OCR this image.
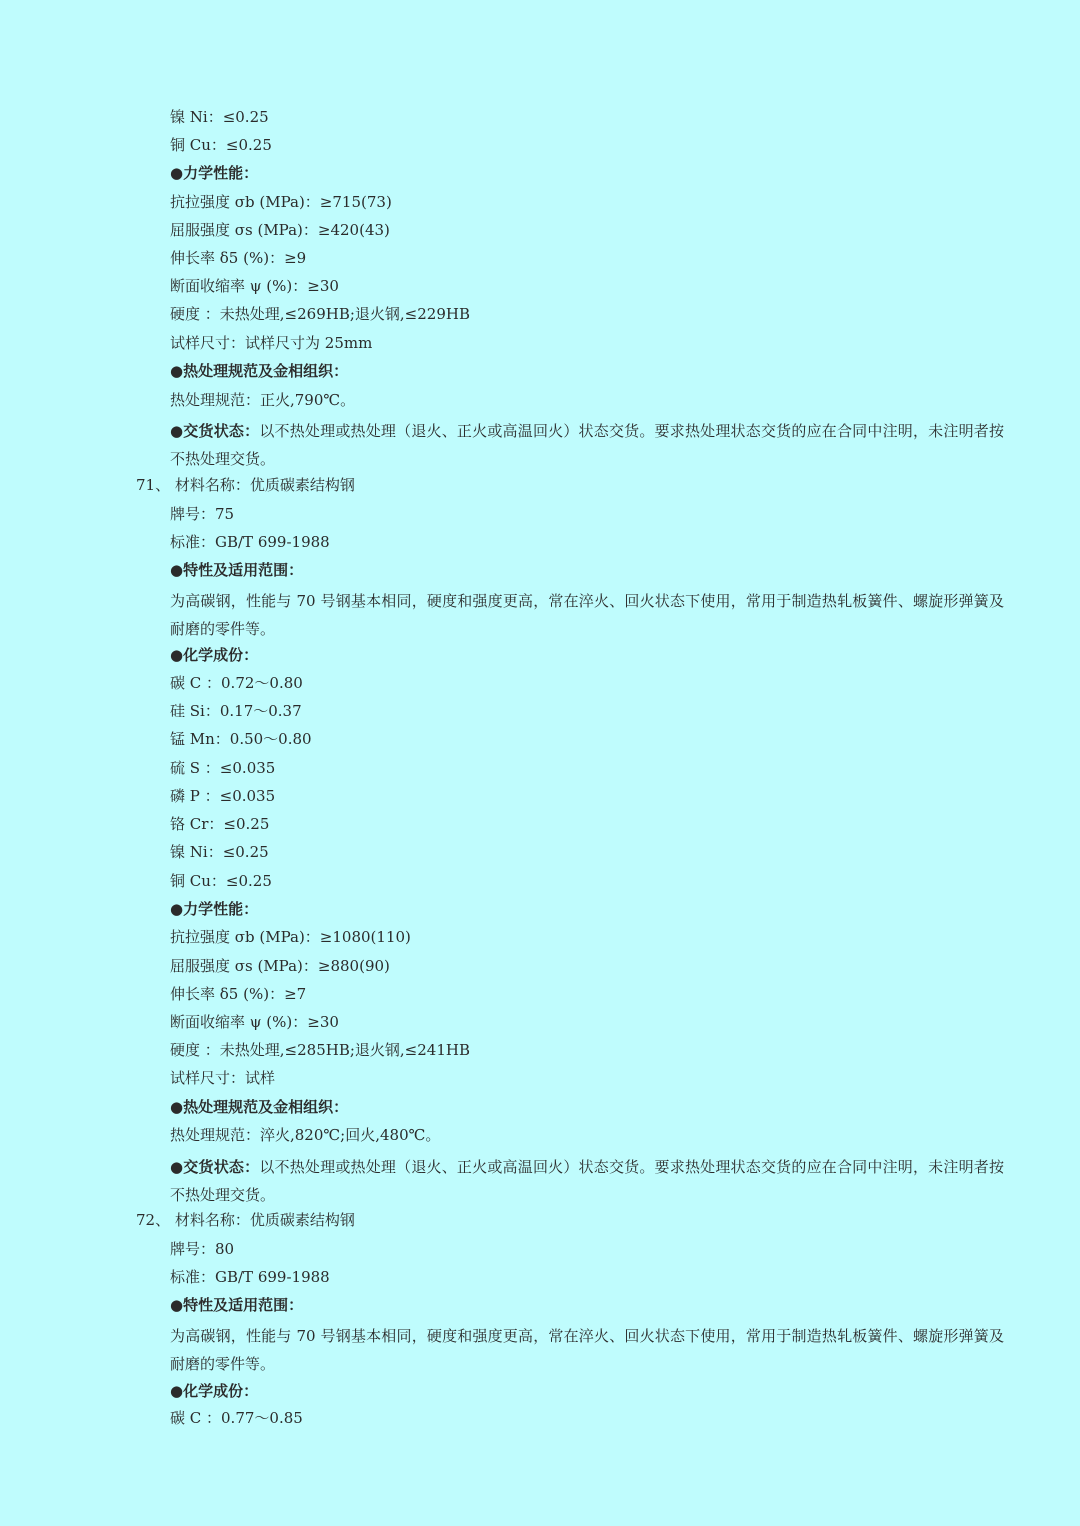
镍 Ni：≤0.25
铜 Cu：≤0.25
●力学性能：
抗拉强度 σb (MPa)：≥715(73)
屈服强度 σs (MPa)：≥420(43)
伸长率 δ5 (%)：≥9
断面收缩率 ψ (%)：≥30
硬度 ：未热处理,≤269HB;退火钢,≤229HB
试样尺寸：试样尺寸为 25mm
●热处理规范及金相组织：
热处理规范：正火,790℃。
●交货状态：以不热处理或热处理（退火、正火或高温回火）状态交货。要求热处理状态交货的应在合同中注明，未注明者按不热处理交货。
71、 材料名称：优质碳素结构钢
牌号：75
标准：GB/T 699-1988
●特性及适用范围：
为高碳钢，性能与 70 号钢基本相同，硬度和强度更高，常在淬火、回火状态下使用，常用于制造热轧板簧件、螺旋形弹簧及耐磨的零件等。
●化学成份：
碳 C ：0.72～0.80
硅 Si：0.17～0.37
锰 Mn：0.50～0.80
硫 S ：≤0.035
磷 P ：≤0.035
铬 Cr：≤0.25
镍 Ni：≤0.25
铜 Cu：≤0.25
●力学性能：
抗拉强度 σb (MPa)：≥1080(110)
屈服强度 σs (MPa)：≥880(90)
伸长率 δ5 (%)：≥7
断面收缩率 ψ (%)：≥30
硬度 ：未热处理,≤285HB;退火钢,≤241HB
试样尺寸：试样
●热处理规范及金相组织：
热处理规范：淬火,820℃;回火,480℃。
●交货状态：以不热处理或热处理（退火、正火或高温回火）状态交货。要求热处理状态交货的应在合同中注明，未注明者按不热处理交货。
72、 材料名称：优质碳素结构钢
牌号：80
标准：GB/T 699-1988
●特性及适用范围：
为高碳钢，性能与 70 号钢基本相同，硬度和强度更高，常在淬火、回火状态下使用，常用于制造热轧板簧件、螺旋形弹簧及耐磨的零件等。
●化学成份：
碳 C ：0.77～0.85
